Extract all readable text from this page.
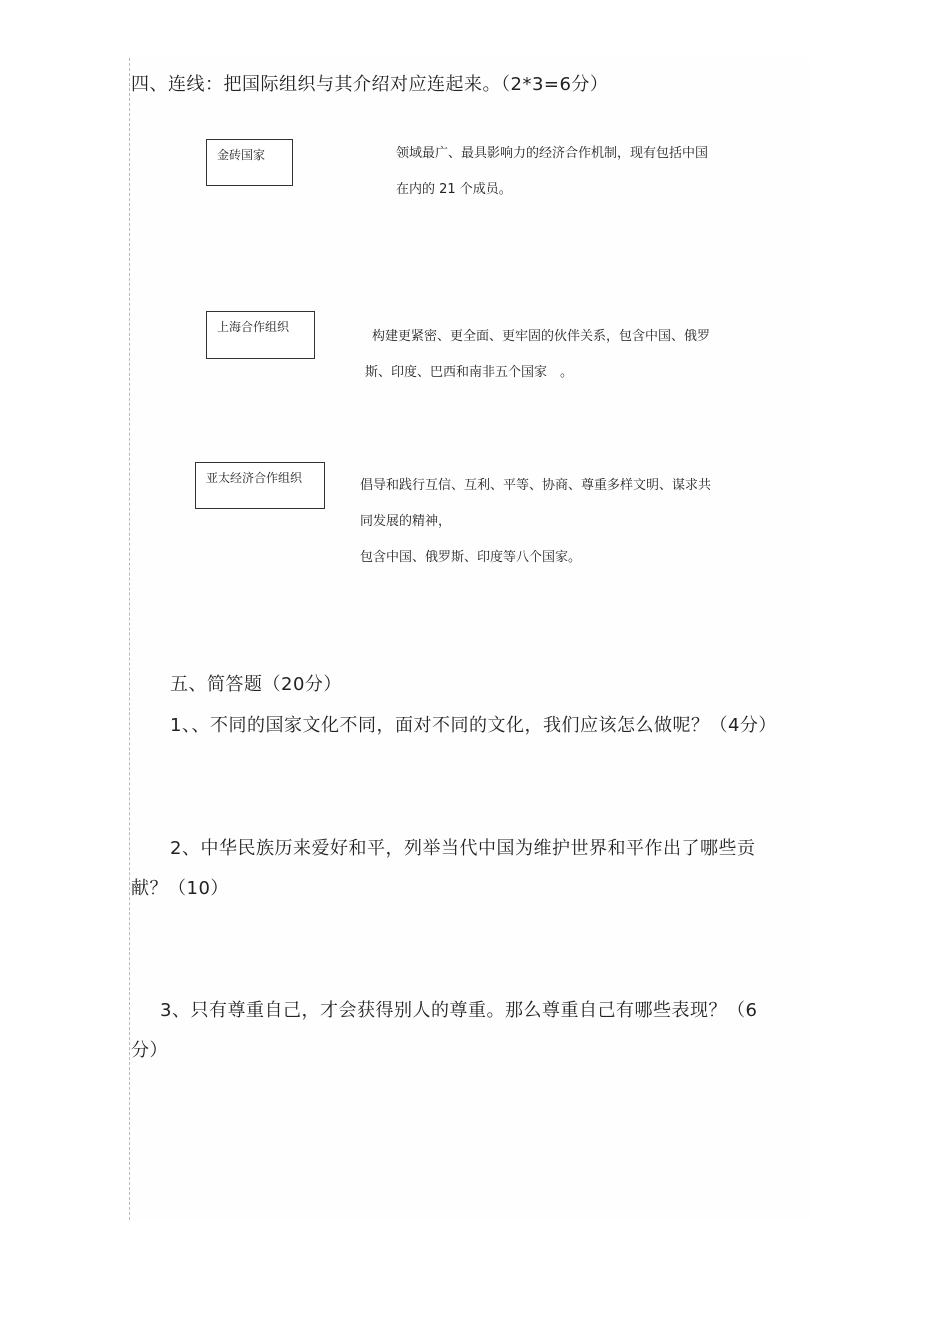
四、连线：把国际组织与其介绍对应连起来。（2*3=6分）
金砖国家
上海合作组织
亚太经济合作组织
领域最广、最具影响力的经济合作机制，现有包括中国
在内的 21 个成员。
构建更紧密、更全面、更牢固的伙伴关系，包含中国、俄罗
斯、印度、巴西和南非五个国家　。
倡导和践行互信、互利、平等、协商、尊重多样文明、谋求共
同发展的精神，
包含中国、俄罗斯、印度等八个国家。
五、简答题（20分）
1、、不同的国家文化不同，面对不同的文化，我们应该怎么做呢？（4分）
2、中华民族历来爱好和平，列举当代中国为维护世界和平作出了哪些贡
献？（10）
3、只有尊重自己，才会获得别人的尊重。那么尊重自己有哪些表现？（6
分）
